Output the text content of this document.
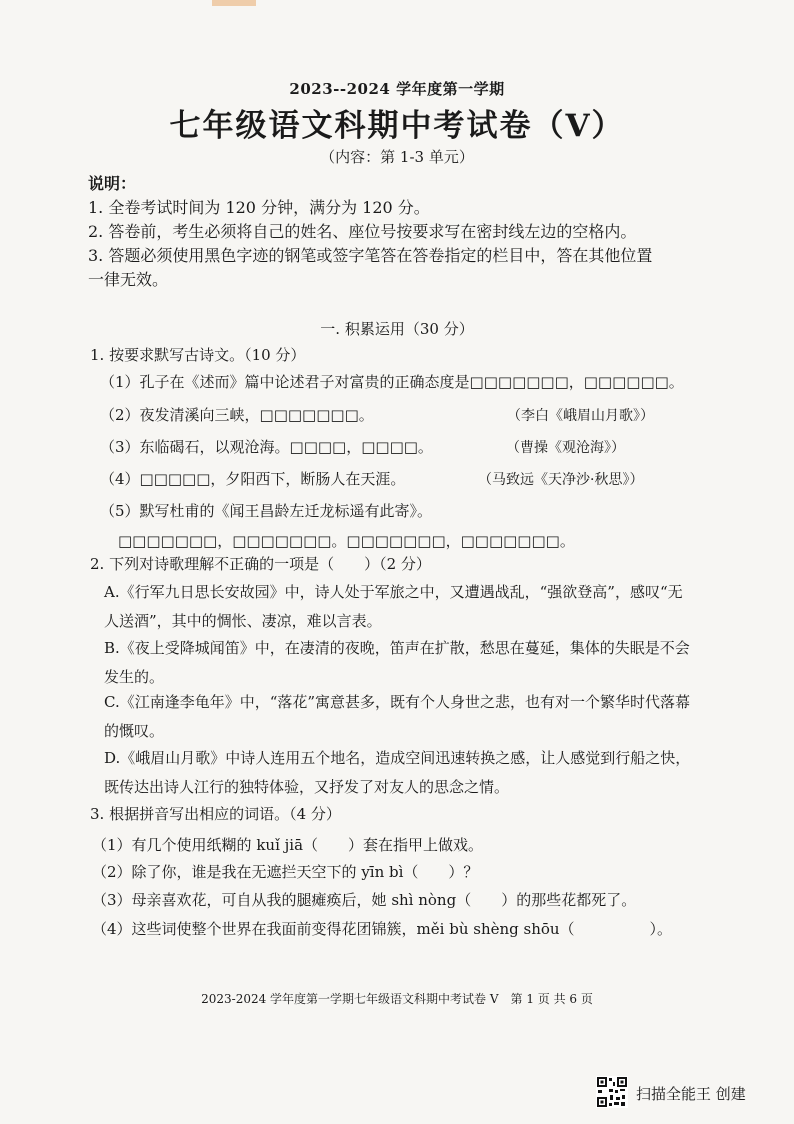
2023--2024 学年度第一学期
七年级语文科期中考试卷（V）
（内容：第 1-3 单元）
说明：
1. 全卷考试时间为 120 分钟，满分为 120 分。
2. 答卷前，考生必须将自己的姓名、座位号按要求写在密封线左边的空格内。
3. 答题必须使用黑色字迹的钢笔或签字笔答在答卷指定的栏目中，答在其他位置
一律无效。
一. 积累运用（30 分）
1. 按要求默写古诗文。（10 分）
（1）孔子在《述而》篇中论述君子对富贵的正确态度是□□□□□□□，□□□□□□。
（2）夜发清溪向三峡，□□□□□□□。	（李白《峨眉山月歌》）
（3）东临碣石，以观沧海。□□□□，□□□□。	（曹操《观沧海》）
（4）□□□□□，夕阳西下，断肠人在天涯。	（马致远《天净沙·秋思》）
（5）默写杜甫的《闻王昌龄左迁龙标遥有此寄》。
□□□□□□□，□□□□□□□。□□□□□□□，□□□□□□□。
2. 下列对诗歌理解不正确的一项是（　　）（2 分）
A.《行军九日思长安故园》中，诗人处于军旅之中，又遭遇战乱，“强欲登高”，感叹“无人送酒”，其中的惆怅、凄凉，难以言表。
B.《夜上受降城闻笛》中，在凄清的夜晚，笛声在扩散，愁思在蔓延，集体的失眠是不会发生的。
C.《江南逢李龟年》中，“落花”寓意甚多，既有个人身世之悲，也有对一个繁华时代落幕的慨叹。
D.《峨眉山月歌》中诗人连用五个地名，造成空间迅速转换之感，让人感觉到行船之快，既传达出诗人江行的独特体验，又抒发了对友人的思念之情。
3. 根据拼音写出相应的词语。（4 分）
（1）有几个使用纸糊的 kuǐ jiā（　　）套在指甲上做戏。
（2）除了你，谁是我在无遮拦天空下的 yīn bì（　　）？
（3）母亲喜欢花，可自从我的腿瘫痪后，她 shì nòng（　　）的那些花都死了。
（4）这些词使整个世界在我面前变得花团锦簇，měi bù shèng shōu（　　　　　）。
2023-2024 学年度第一学期七年级语文科期中考试卷 V　第 1 页 共 6 页
扫描全能王 创建
